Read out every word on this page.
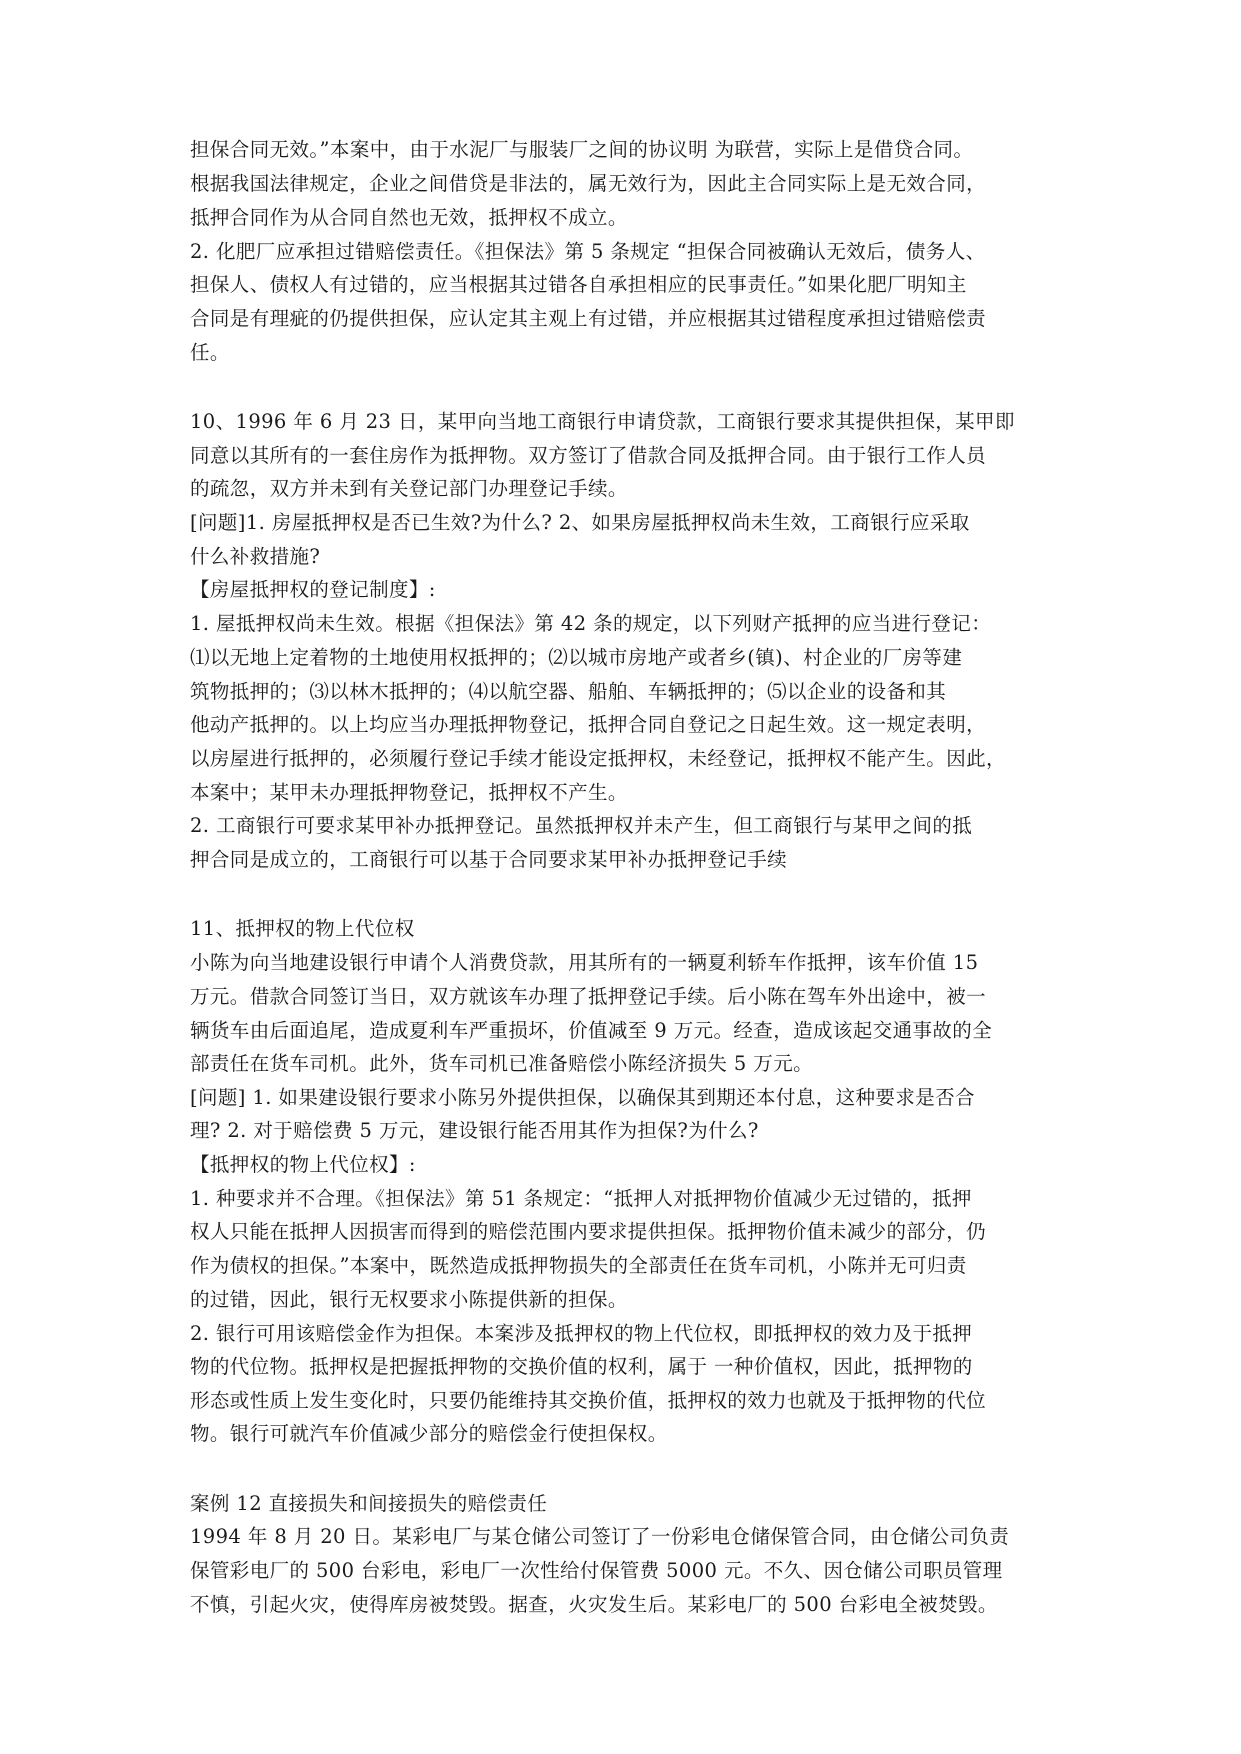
担保合同无效。”本案中，由于水泥厂与服装厂之间的协议明 为联营，实际上是借贷合同。
根据我国法律规定，企业之间借贷是非法的，属无效行为，因此主合同实际上是无效合同，
抵押合同作为从合同自然也无效，抵押权不成立。
2. 化肥厂应承担过错赔偿责任。《担保法》第 5 条规定 “担保合同被确认无效后，债务人、
担保人、债权人有过错的，应当根据其过错各自承担相应的民事责任。”如果化肥厂明知主
合同是有理疵的仍提供担保，应认定其主观上有过错，并应根据其过错程度承担过错赔偿责
任。
10、1996 年 6 月 23 日，某甲向当地工商银行申请贷款，工商银行要求其提供担保，某甲即
同意以其所有的一套住房作为抵押物。双方签订了借款合同及抵押合同。由于银行工作人员
的疏忽，双方并未到有关登记部门办理登记手续。
[问题]1. 房屋抵押权是否已生效?为什么? 2、如果房屋抵押权尚未生效，工商银行应采取
什么补救措施?
【房屋抵押权的登记制度】:
1. 屋抵押权尚未生效。根据《担保法》第 42 条的规定，以下列财产抵押的应当进行登记：
⑴以无地上定着物的土地使用权抵押的；⑵以城市房地产或者乡(镇)、村企业的厂房等建
筑物抵押的；⑶以林木抵押的；⑷以航空器、船舶、车辆抵押的；⑸以企业的设备和其
他动产抵押的。以上均应当办理抵押物登记，抵押合同自登记之日起生效。这一规定表明，
以房屋进行抵押的，必须履行登记手续才能设定抵押权，未经登记，抵押权不能产生。因此，
本案中；某甲未办理抵押物登记，抵押权不产生。
2. 工商银行可要求某甲补办抵押登记。虽然抵押权并未产生，但工商银行与某甲之间的抵
押合同是成立的，工商银行可以基于合同要求某甲补办抵押登记手续
11、抵押权的物上代位权
小陈为向当地建设银行申请个人消费贷款，用其所有的一辆夏利轿车作抵押，该车价值 15
万元。借款合同签订当日，双方就该车办理了抵押登记手续。后小陈在驾车外出途中，被一
辆货车由后面追尾，造成夏利车严重损坏，价值减至 9 万元。经查，造成该起交通事故的全
部责任在货车司机。此外，货车司机已准备赔偿小陈经济损失 5 万元。
[问题] 1. 如果建设银行要求小陈另外提供担保，以确保其到期还本付息，这种要求是否合
理? 2. 对于赔偿费 5 万元，建设银行能否用其作为担保?为什么?
【抵押权的物上代位权】:
1. 种要求并不合理。《担保法》第 51 条规定：“抵押人对抵押物价值减少无过错的，抵押
权人只能在抵押人因损害而得到的赔偿范围内要求提供担保。抵押物价值未减少的部分，仍
作为债权的担保。”本案中，既然造成抵押物损失的全部责任在货车司机，小陈并无可归责
的过错，因此，银行无权要求小陈提供新的担保。
2. 银行可用该赔偿金作为担保。本案涉及抵押权的物上代位权，即抵押权的效力及于抵押
物的代位物。抵押权是把握抵押物的交换价值的权利，属于 一种价值权，因此，抵押物的
形态或性质上发生变化时，只要仍能维持其交换价值，抵押权的效力也就及于抵押物的代位
物。银行可就汽车价值减少部分的赔偿金行使担保权。
案例 12 直接损失和间接损失的赔偿责任
1994 年 8 月 20 日。某彩电厂与某仓储公司签订了一份彩电仓储保管合同，由仓储公司负责
保管彩电厂的 500 台彩电，彩电厂一次性给付保管费 5000 元。不久、因仓储公司职员管理
不慎，引起火灾，使得库房被焚毁。据查，火灾发生后。某彩电厂的 500 台彩电全被焚毁。
